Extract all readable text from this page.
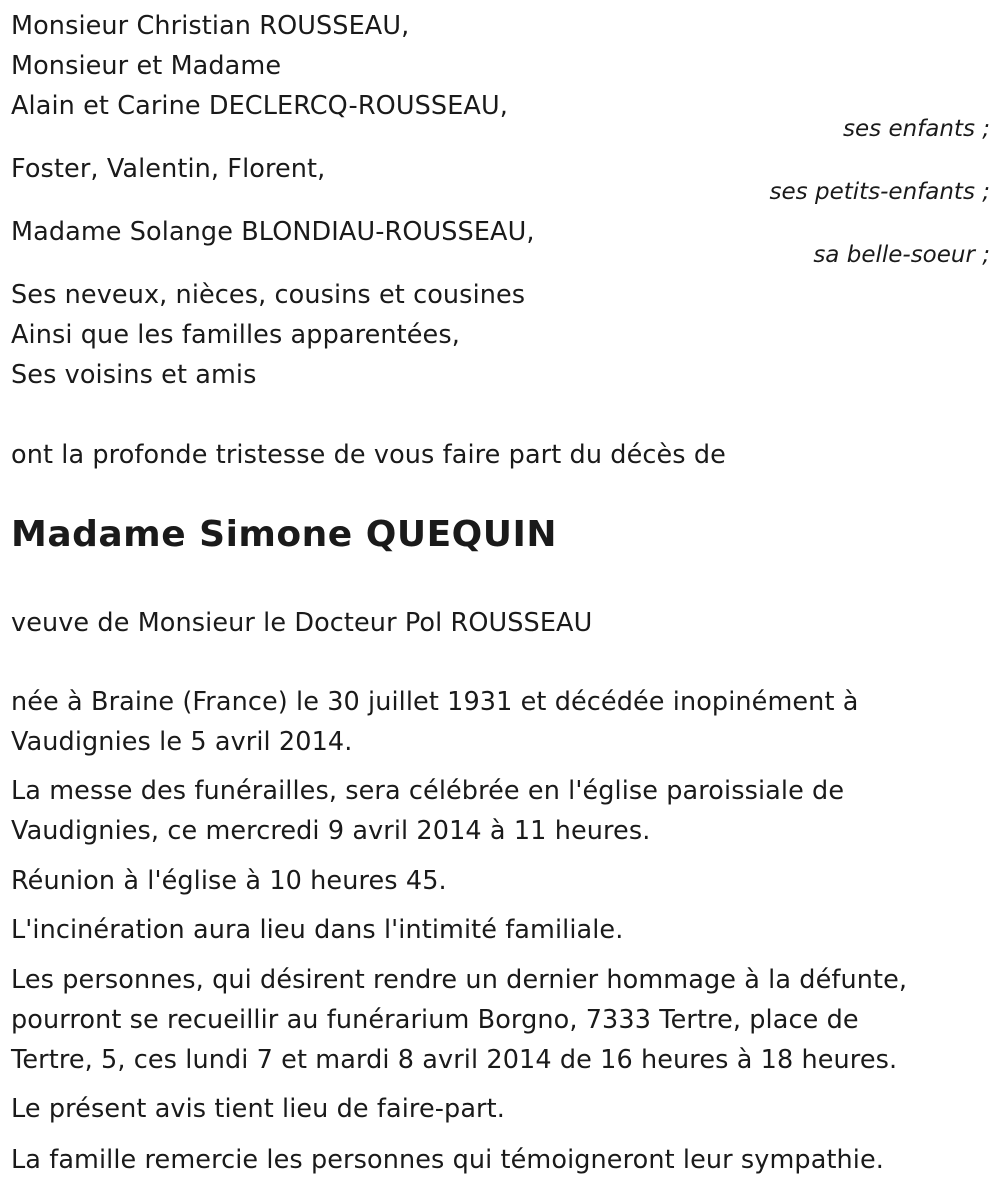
Monsieur Christian ROUSSEAU,
Monsieur et Madame
Alain et Carine DECLERCQ-ROUSSEAU,
ses enfants ;
Foster, Valentin, Florent,
ses petits-enfants ;
Madame Solange BLONDIAU-ROUSSEAU,
sa belle-soeur ;
Ses neveux, nièces, cousins et cousines
Ainsi que les familles apparentées,
Ses voisins et amis
ont la profonde tristesse de vous faire part du décès de
Madame Simone QUEQUIN
veuve de Monsieur le Docteur Pol ROUSSEAU
née à Braine (France) le 30 juillet 1931 et décédée inopinément à
Vaudignies le 5 avril 2014.
La messe des funérailles, sera célébrée en l'église paroissiale de
Vaudignies, ce mercredi 9 avril 2014 à 11 heures.
Réunion à l'église à 10 heures 45.
L'incinération aura lieu dans l'intimité familiale.
Les personnes, qui désirent rendre un dernier hommage à la défunte,
pourront se recueillir au funérarium Borgno, 7333 Tertre, place de
Tertre, 5, ces lundi 7 et mardi 8 avril 2014 de 16 heures à 18 heures.
Le présent avis tient lieu de faire-part.
La famille remercie les personnes qui témoigneront leur sympathie.
